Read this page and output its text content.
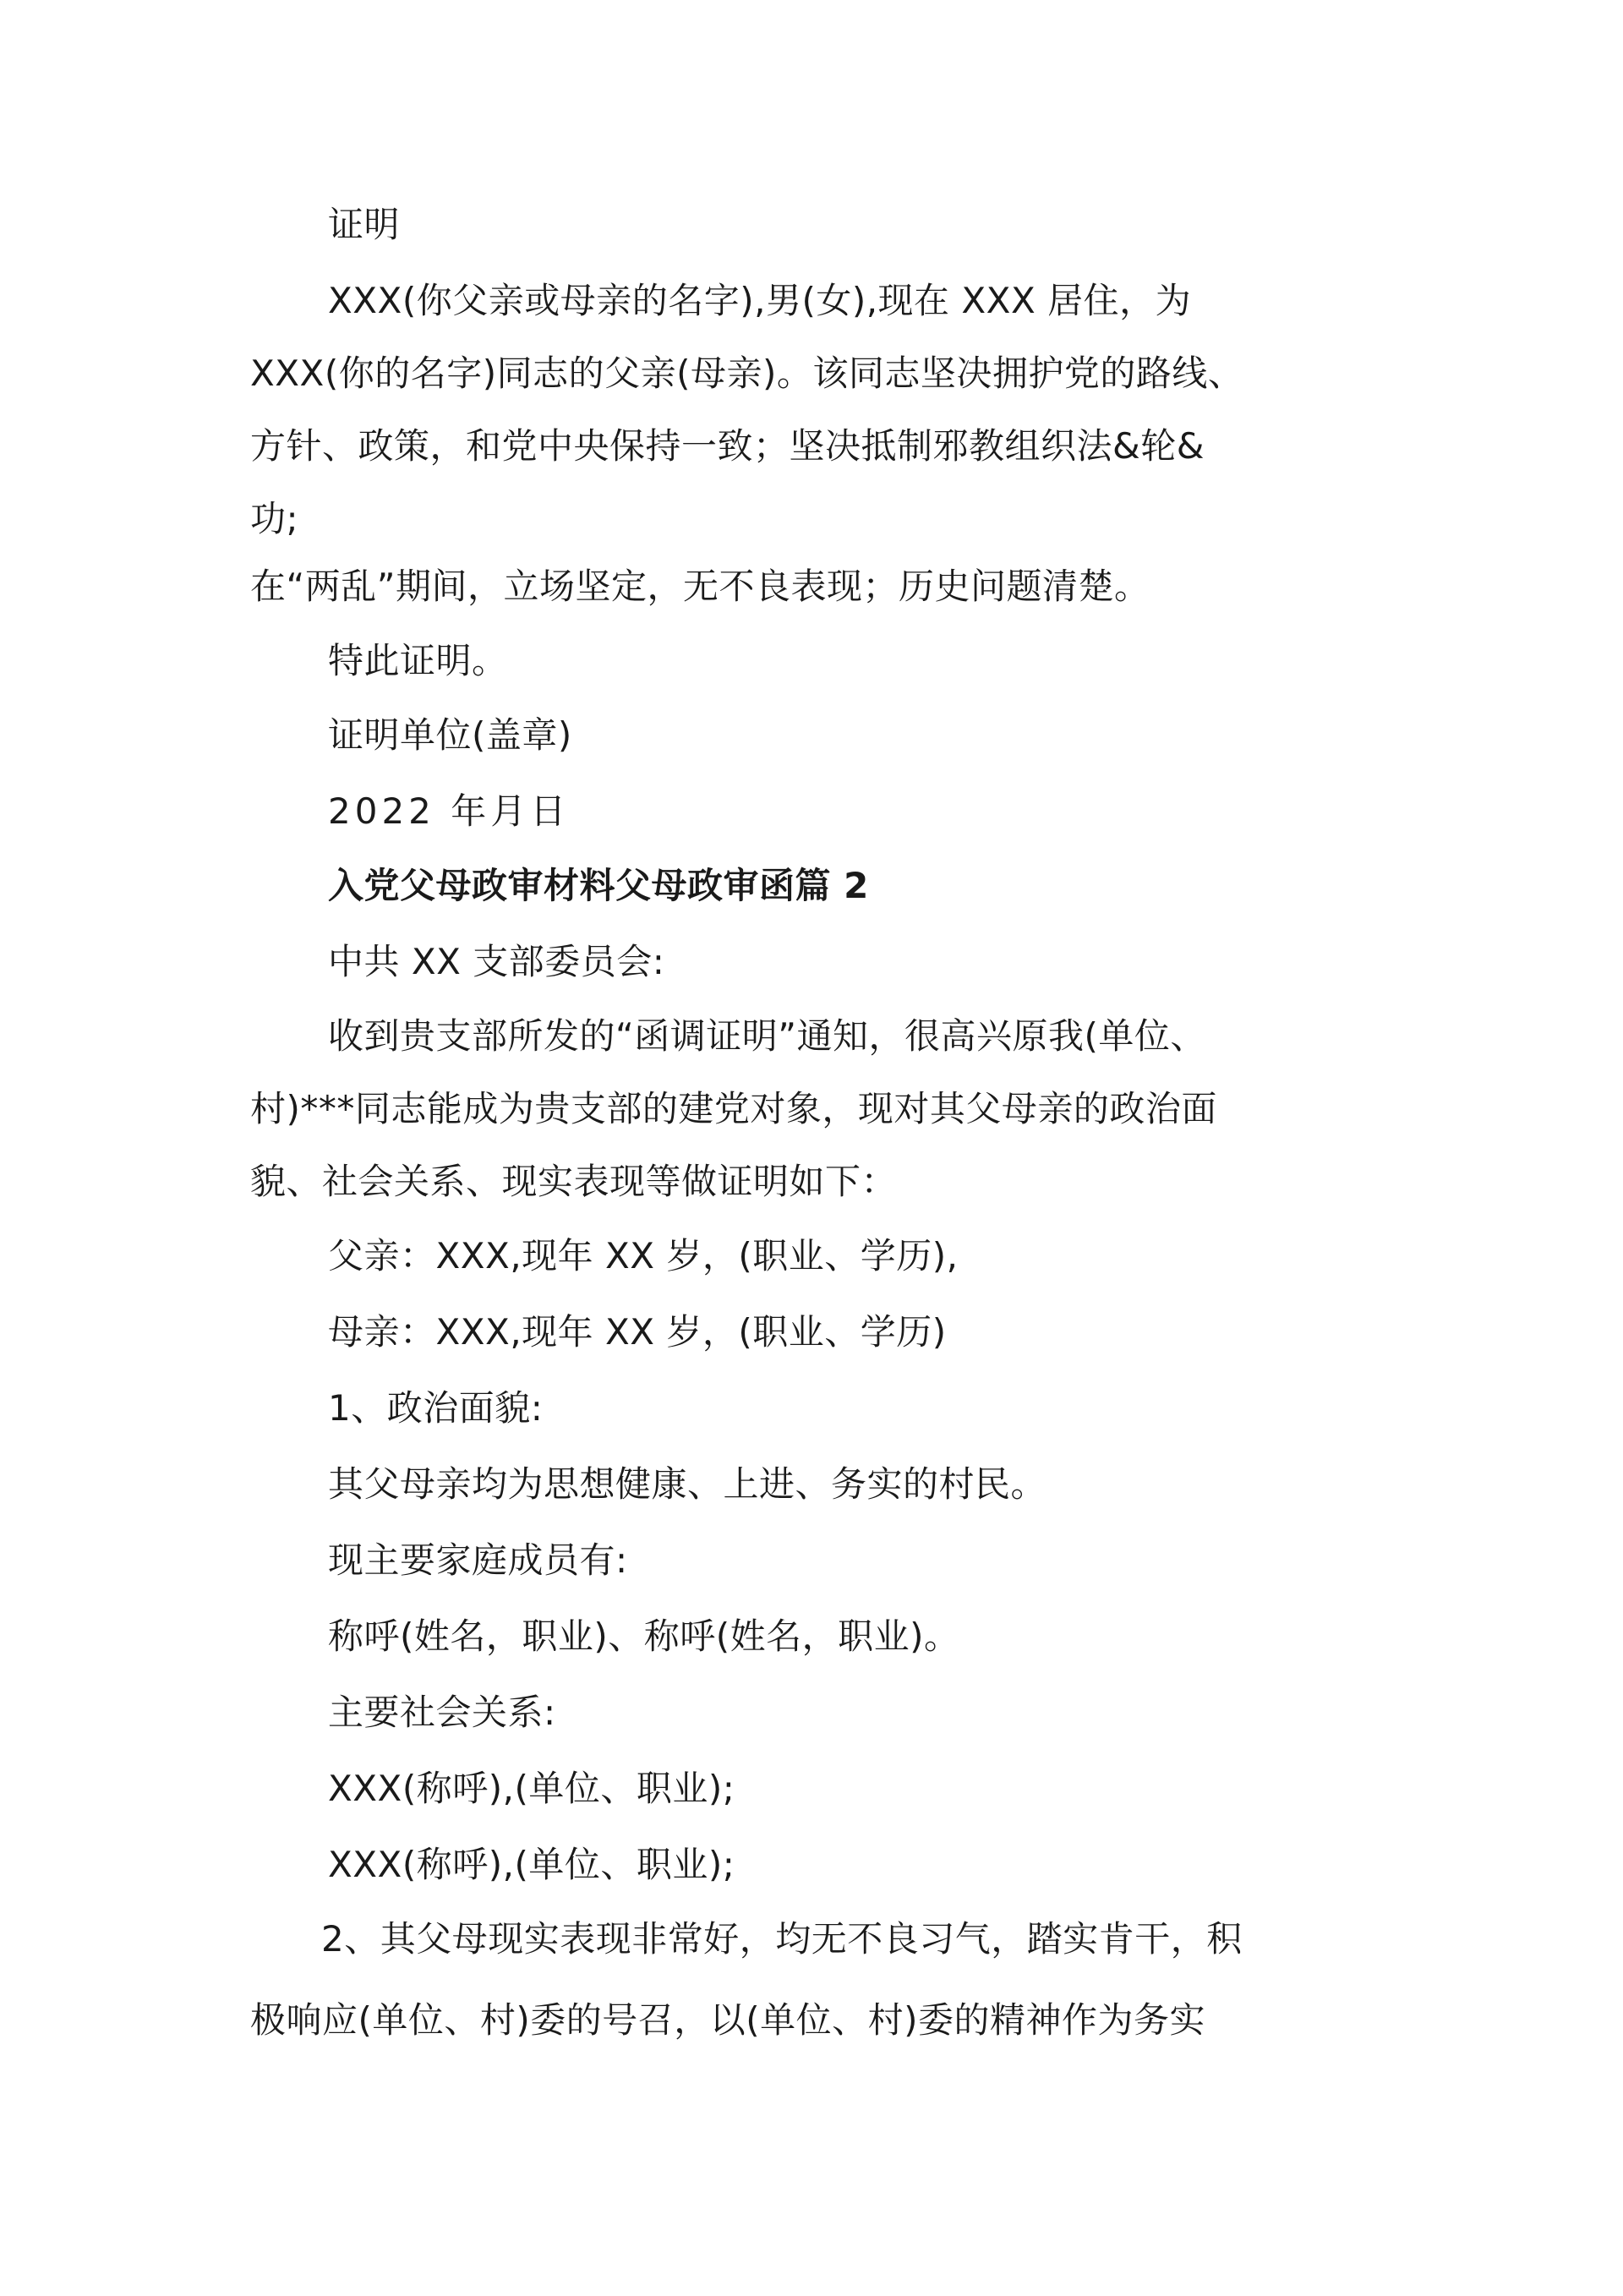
证明
XXX(你父亲或母亲的名字),男(女),现在 XXX 居住，为
XXX(你的名字)同志的父亲(母亲)。该同志坚决拥护党的路线、
方针、政策，和党中央保持一致；坚决抵制邪教组织法&轮&
功;
在“两乱”期间，立场坚定，无不良表现；历史问题清楚。
特此证明。
证明单位(盖章)
2022 年月日
入党父母政审材料父母政审函篇 2
中共 XX 支部委员会:
收到贵支部所发的“函调证明”通知，很高兴原我(单位、
村)***同志能成为贵支部的建党对象，现对其父母亲的政治面
貌、社会关系、现实表现等做证明如下：
父亲：XXX,现年 XX 岁，(职业、学历),
母亲：XXX,现年 XX 岁，(职业、学历)
1、政治面貌:
其父母亲均为思想健康、上进、务实的村民。
现主要家庭成员有:
称呼(姓名，职业)、称呼(姓名，职业)。
主要社会关系:
XXX(称呼),(单位、职业);
XXX(称呼),(单位、职业);
2、其父母现实表现非常好，均无不良习气，踏实肯干，积
极响应(单位、村)委的号召，以(单位、村)委的精神作为务实
